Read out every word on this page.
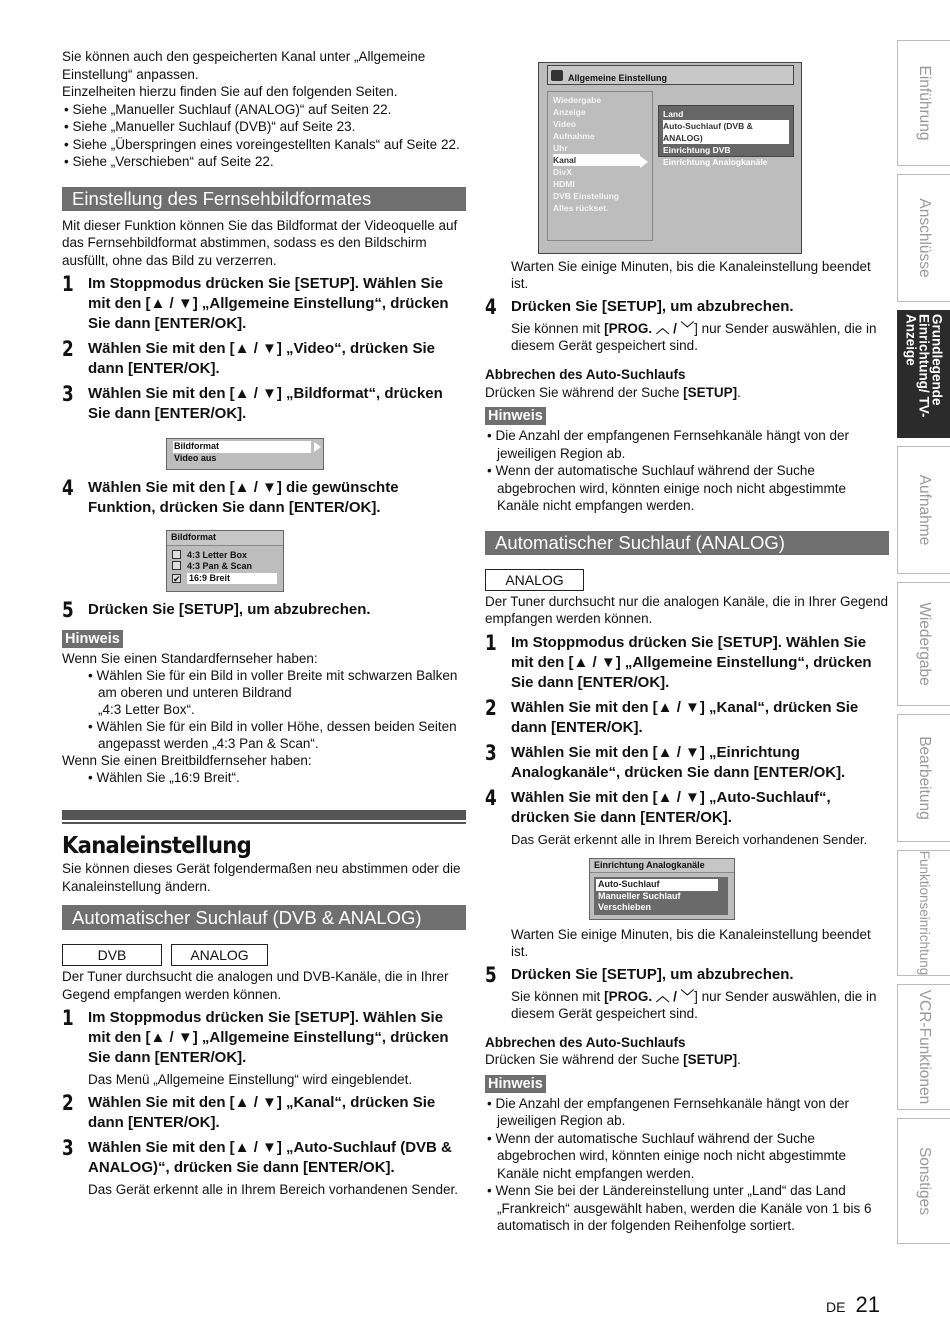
Sie können auch den gespeicherten Kanal unter „Allgemeine Einstellung“ anpassen.

Einzelheiten hierzu finden Sie auf den folgenden Seiten.

• Siehe „Manueller Suchlauf (ANALOG)“ auf Seiten 22.

• Siehe „Manueller Suchlauf (DVB)“ auf Seite 23.

• Siehe „Überspringen eines voreingestellten Kanals“ auf Seite 22.

• Siehe „Verschieben“ auf Seite 22.

Einstellung des Fernsehbildformates

Mit dieser Funktion können Sie das Bildformat der Videoquelle auf das Fernsehbildformat abstimmen, sodass es den Bildschirm ausfüllt, ohne das Bild zu verzerren.

1 Im Stoppmodus drücken Sie [SETUP]. Wählen Sie mit den [▲ / ▼] „Allgemeine Einstellung“, drücken Sie dann [ENTER/OK].
2 Wählen Sie mit den [▲ / ▼] „Video“, drücken Sie dann [ENTER/OK].
3 Wählen Sie mit den [▲ / ▼] „Bildformat“, drücken Sie dann [ENTER/OK].
Bildformat
Video aus
4 Wählen Sie mit den [▲ / ▼] die gewünschte Funktion, drücken Sie dann [ENTER/OK].
Bildformat
4:3 Letter Box
4:3 Pan & Scan
✔ 16:9 Breit
5 Drücken Sie [SETUP], um abzubrechen.
Hinweis

Wenn Sie einen Standardfernseher haben:

• Wählen Sie für ein Bild in voller Breite mit schwarzen Balken am oberen und unteren Bildrand

„4:3 Letter Box“.

• Wählen Sie für ein Bild in voller Höhe, dessen beiden Seiten angepasst werden „4:3 Pan & Scan“.

Wenn Sie einen Breitbildfernseher haben:

• Wählen Sie „16:9 Breit“.

Kanaleinstellung

Sie können dieses Gerät folgendermaßen neu abstimmen oder die Kanaleinstellung ändern.

Automatischer Suchlauf (DVB & ANALOG)
DVB	ANALOG

Der Tuner durchsucht die analogen und DVB-Kanäle, die in Ihrer Gegend empfangen werden können.

1 Im Stoppmodus drücken Sie [SETUP]. Wählen Sie mit den [▲ / ▼] „Allgemeine Einstellung“, drücken Sie dann [ENTER/OK].

Das Menü „Allgemeine Einstellung“ wird eingeblendet.

2 Wählen Sie mit den [▲ / ▼] „Kanal“, drücken Sie dann [ENTER/OK].
3 Wählen Sie mit den [▲ / ▼] „Auto-Suchlauf (DVB & ANALOG)“, drücken Sie dann [ENTER/OK].

Das Gerät erkennt alle in Ihrem Bereich vorhandenen Sender.

Allgemeine Einstellung
Wiedergabe
Anzeige
Video
Aufnahme
Uhr
Kanal
DivX
HDMI
DVB Einstellung
Alles rückset.
Land
Auto-Suchlauf (DVB & ANALOG)
Einrichtung DVB
Einrichtung Analogkanäle

Warten Sie einige Minuten, bis die Kanaleinstellung beendet ist.

4 Drücken Sie [SETUP], um abzubrechen.

Sie können mit [PROG. ︿ / ﹀] nur Sender auswählen, die in diesem Gerät gespeichert sind.

Abbrechen des Auto-Suchlaufs

Drücken Sie während der Suche [SETUP].

Hinweis

• Die Anzahl der empfangenen Fernsehkanäle hängt von der jeweiligen Region ab.

• Wenn der automatische Suchlauf während der Suche abgebrochen wird, könnten einige noch nicht abgestimmte Kanäle nicht empfangen werden.

Automatischer Suchlauf (ANALOG)
ANALOG

Der Tuner durchsucht nur die analogen Kanäle, die in Ihrer Gegend empfangen werden können.

1 Im Stoppmodus drücken Sie [SETUP]. Wählen Sie mit den [▲ / ▼] „Allgemeine Einstellung“, drücken Sie dann [ENTER/OK].
2 Wählen Sie mit den [▲ / ▼] „Kanal“, drücken Sie dann [ENTER/OK].
3 Wählen Sie mit den [▲ / ▼] „Einrichtung Analogkanäle“, drücken Sie dann [ENTER/OK].
4 Wählen Sie mit den [▲ / ▼] „Auto-Suchlauf“, drücken Sie dann [ENTER/OK].

Das Gerät erkennt alle in Ihrem Bereich vorhandenen Sender.

Einrichtung Analogkanäle
Auto-Suchlauf
Manueller Suchlauf
Verschieben

Warten Sie einige Minuten, bis die Kanaleinstellung beendet ist.

5 Drücken Sie [SETUP], um abzubrechen.

Sie können mit [PROG. ︿ / ﹀] nur Sender auswählen, die in diesem Gerät gespeichert sind.

Abbrechen des Auto-Suchlaufs

Drücken Sie während der Suche [SETUP].

Hinweis

• Die Anzahl der empfangenen Fernsehkanäle hängt von der jeweiligen Region ab.

• Wenn der automatische Suchlauf während der Suche abgebrochen wird, könnten einige noch nicht abgestimmte Kanäle nicht empfangen werden.

• Wenn Sie bei der Ländereinstellung unter „Land“ das Land „Frankreich“ ausgewählt haben, werden die Kanäle von 1 bis 6 automatisch in der folgenden Reihenfolge sortiert.

Einführung
Anschlüsse
Grundlegende Einrichtung/ TV-Anzeige
Aufnahme
Wiedergabe
Bearbeitung
Funktionseinrichtung
VCR-Funktionen
Sonstiges
DE 21
